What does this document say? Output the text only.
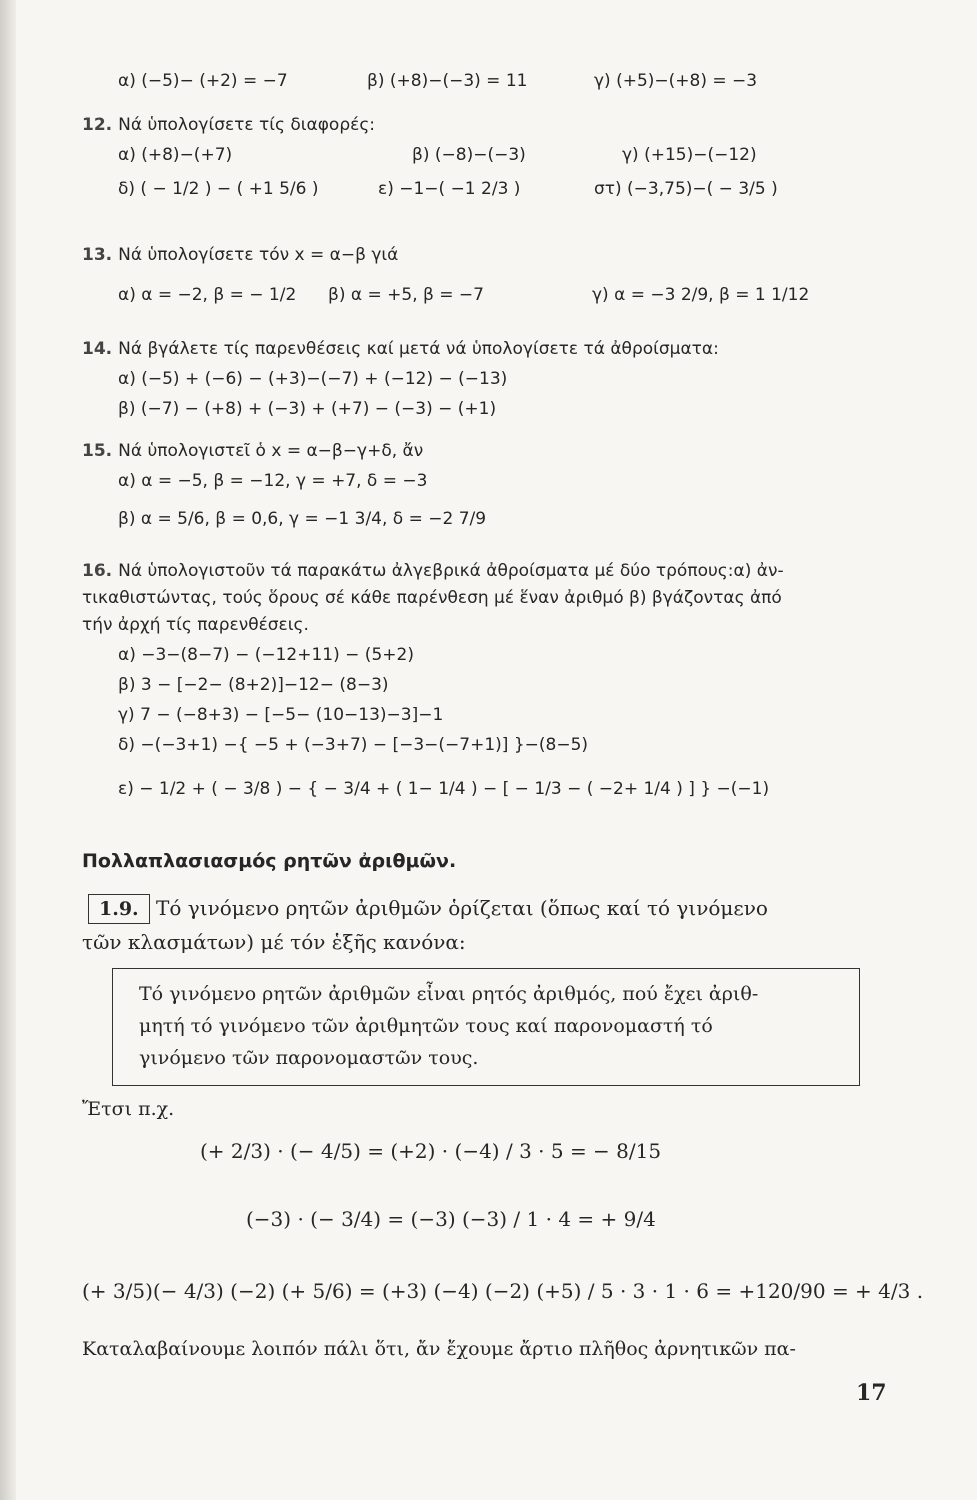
α) (−5)− (+2) = −7	β) (+8)−(−3) = 11	γ) (+5)−(+8) = −3
12. Νά ὑπολογίσετε τίς διαφορές:
α) (+8)−(+7)	β) (−8)−(−3)	γ) (+15)−(−12)
δ) ( − 1/2 ) − ( +1 5/6 )	ε) −1−( −1 2/3 )	στ) (−3,75)−( − 3/5 )
13. Νά ὑπολογίσετε τόν x = α−β γιά
α) α = −2, β = − 1/2 β) α = +5, β = −7	γ) α = −3 2/9, β = 1 1/12
14. Νά βγάλετε τίς παρενθέσεις καί μετά νά ὑπολογίσετε τά ἀθροίσματα:
α) (−5) + (−6) − (+3)−(−7) + (−12) − (−13)
β) (−7) − (+8) + (−3) + (+7) − (−3) − (+1)
15. Νά ὑπολογιστεῖ ὁ x = α−β−γ+δ, ἄν
α) α = −5, β = −12, γ = +7, δ = −3
β) α = 5/6, β = 0,6, γ = −1 3/4, δ = −2 7/9
16. Νά ὑπολογιστοῦν τά παρακάτω ἀλγεβρικά ἀθροίσματα μέ δύο τρόπους:α) ἀν-
τικαθιστώντας, τούς ὅρους σέ κάθε παρένθεση μέ ἕναν ἀριθμό β) βγάζοντας ἀπό
τήν ἀρχή τίς παρενθέσεις.
α) −3−(8−7) − (−12+11) − (5+2)
β) 3 − [−2− (8+2)]−12− (8−3)
γ) 7 − (−8+3) − [−5− (10−13)−3]−1
δ) −(−3+1) −{ −5 + (−3+7) − [−3−(−7+1)] }−(8−5)
ε) − 1/2 + ( − 3/8 ) − { − 3/4 + ( 1− 1/4 ) − [ − 1/3 − ( −2+ 1/4 ) ] } −(−1)
Πολλαπλασιασμός ρητῶν ἀριθμῶν.
1.9. Τό γινόμενο ρητῶν ἀριθμῶν ὁρίζεται (ὅπως καί τό γινόμενο
τῶν κλασμάτων) μέ τόν ἑξῆς κανόνα:
Τό γινόμενο ρητῶν ἀριθμῶν εἶναι ρητός ἀριθμός, πού ἔχει ἀριθ-
μητή τό γινόμενο τῶν ἀριθμητῶν τους καί παρονομαστή τό
γινόμενο τῶν παρονομαστῶν τους.
Ἔτσι π.χ.
(+ 2/3) · (− 4/5) = (+2) · (−4) / 3 · 5 = − 8/15
(−3) · (− 3/4) = (−3) (−3) / 1 · 4 = + 9/4
(+ 3/5)(− 4/3) (−2) (+ 5/6) = (+3) (−4) (−2) (+5) / 5 · 3 · 1 · 6 = +120/90 = + 4/3 .
Καταλαβαίνουμε λοιπόν πάλι ὅτι, ἄν ἔχουμε ἄρτιο πλῆθος ἀρνητικῶν πα-
17
